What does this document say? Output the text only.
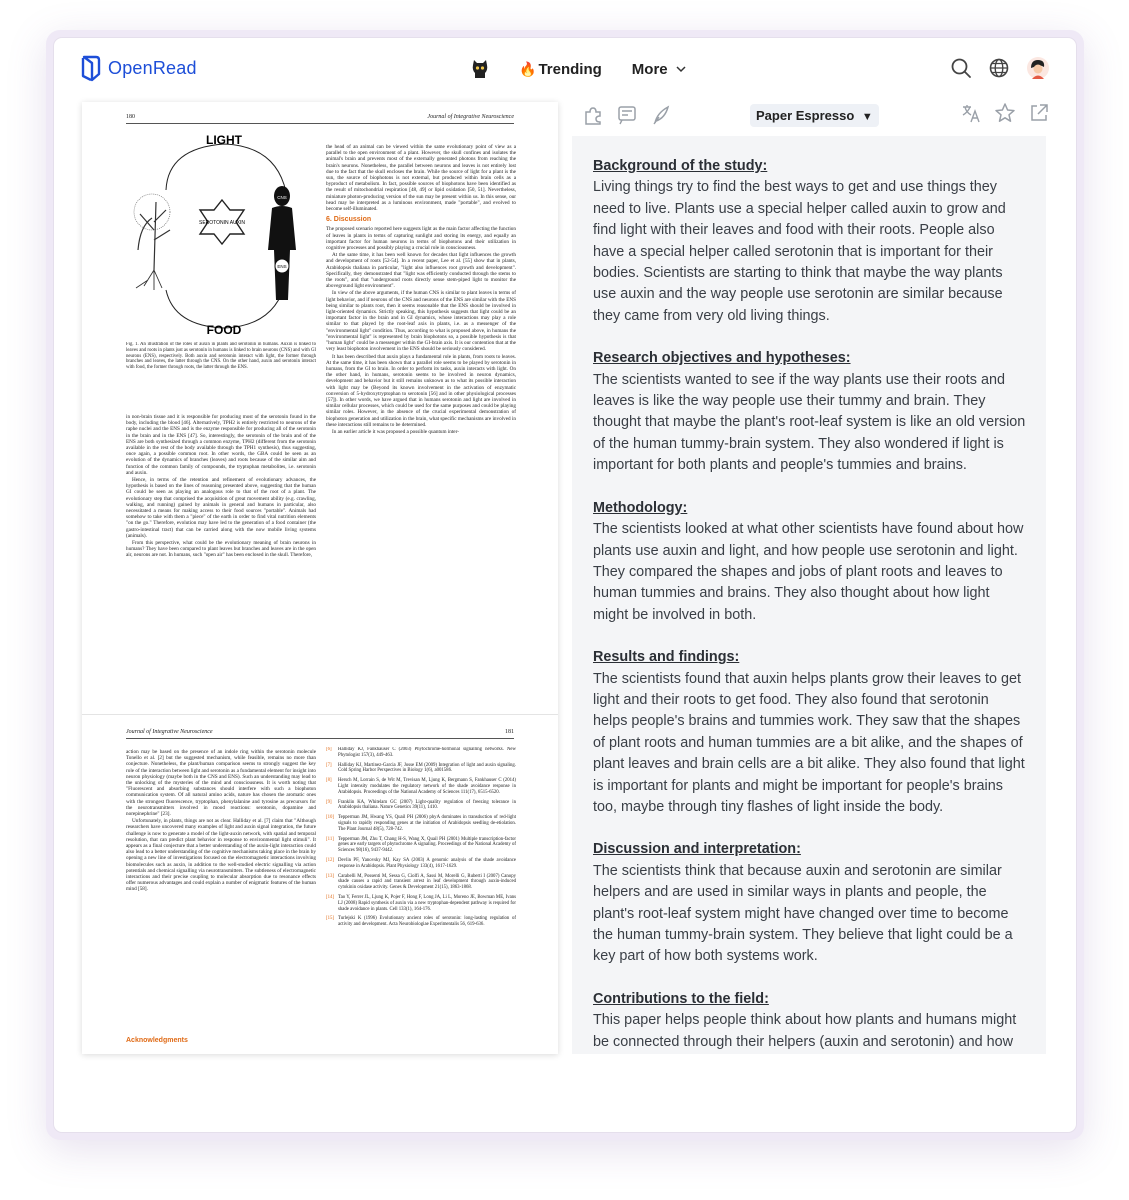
OpenRead	🔥 Trending More
180	Journal of Integrative Neuroscience
LIGHT
FOOD
SEROTONIN AUXIN
CNS
ENS
Fig. 1. An illustration of the roles of auxin in plants and serotonin in humans. Auxin is linked to leaves and roots in plants just as serotonin in humans is linked to brain neurons (CNS) and with GI neurons (ENS), respectively. Both auxin and serotonin interact with light, the former through branches and leaves, the latter through the CNS. On the other hand, auxin and serotonin interact with food, the former through roots, the latter through the ENS.

in non-brain tissue and it is responsible for producing most of the serotonin found in the body, including the blood [46]. Alternatively, TPH2 is entirely restricted to neurons of the raphe nuclei and the ENS and is the enzyme responsible for producing all of the serotonin in the brain and in the ENS [47]. So, interestingly, the serotonin of the brain and of the ENS are both synthesized through a common enzyme, TPH2 (different from the serotonin available in the rest of the body available through the TPH1 synthesis), thus suggesting, once again, a possible common root. In other words, the GBA could be seen as an evolution of the dynamics of branches (leaves) and roots because of the similar aim and function of the common family of compounds, the tryptophan metabolites, i.e. serotonin and auxin.

Hence, in terms of the retention and refinement of evolutionary advances, the hypothesis is based on the lines of reasoning presented above, suggesting that the human GI could be seen as playing an analogous role to that of the root of a plant. The evolutionary step that comprised the acquisition of great movement ability (e.g. crawling, walking, and running) gained by animals in general and humans in particular, also necessitated a means for making access to their food sources "portable". Animals had somehow to take with them a "piece" of the earth in order to find vital nutrition elements "on the go." Therefore, evolution may have led to the generation of a food container (the gastro-intestinal tract) that can be carried along with the now mobile living systems (animals).

From this perspective, what could be the evolutionary meaning of brain neurons in humans? They have been compared to plant leaves but branches and leaves are in the open air, neurons are not. In humans, such "open air" has been enclosed in the skull. Therefore,

the head of an animal can be viewed within the same evolutionary point of view as a parallel to the open environment of a plant. However, the skull confines and isolates the animal's brain and prevents most of the externally generated photons from reaching the brain's neurons. Nonetheless, the parallel between neurons and leaves is not entirely lost due to the fact that the skull encloses the brain. While the source of light for a plant is the sun, the source of biophotons is not external, but produced within brain cells as a byproduct of metabolism. In fact, possible sources of biophotons have been identified as the result of mitochondrial respiration [48, 49] or lipid oxidation [50, 51]. Nevertheless, miniature photon-producing version of the sun may be present within us. In this sense, our head may be interpreted as a luminous environment, made "portable", and evolved to become self-illuminated.

6. Discussion

The proposed scenario reported here suggests light as the main factor affecting the function of leaves in plants in terms of capturing sunlight and storing its energy, and equally an important factor for human neurons in terms of biophotons and their utilization in cognitive processes and possibly playing a crucial role in consciousness.

At the same time, it has been well known for decades that light influences the growth and development of roots [52-54]. In a recent paper, Lee et al. [55] show that in plants, Arabidopsis thaliana in particular, "light also influences root growth and development". Specifically, they demonstrated that "light was efficiently conducted through the stems to the roots", and that "underground roots directly sense stem-piped light to monitor the aboveground light environment".

In view of the above arguments, if the human CNS is similar to plant leaves in terms of light behavior, and if neurons of the CNS and neurons of the ENS are similar with the ENS being similar to plants root, then it seems reasonable that the ENS should be involved in light-oriented dynamics. Strictly speaking, this hypothesis suggests that light could be an important factor in the brain and in GI dynamics, whose interactions may play a role similar to that played by the root-leaf axis in plants, i.e. as a messenger of the "environmental light" condition. Thus, according to what is proposed above, in humans the "environmental light" is represented by brain biophotons so, a possible hypothesis is that "human light" could be a messenger within the GI-brain axis. It is our contention that at the very least biophoton involvement in the ENS should be seriously considered.

It has been described that auxin plays a fundamental role in plants, from roots to leaves. At the same time, it has been shown that a parallel role seems to be played by serotonin in humans, from the GI to brain. In order to perform its tasks, auxin interacts with light. On the other hand, in humans, serotonin seems to be involved in neuron dynamics, development and behavior but it still remains unknown as to what its possible interaction with light may be (Beyond its known involvement in the activation of enzymatic conversion of 5-hydroxytryptophan to serotonin [56] and in other physiological processes [57]). In other words, we have argued that in humans serotonin and light are involved in similar cellular processes, which could be used for the same purposes and could be playing similar roles. However, in the absence of the crucial experimental demonstration of biophoton generation and utilization in the brain, what specific mechanisms are involved in these interactions still remains to be determined.

In an earlier article it was proposed a possible quantum inter-

Journal of Integrative Neuroscience	181

action may be based on the presence of an indole ring within the serotonin molecule Tonello et al. [2] but the suggested mechanism, while feasible, remains no more than conjecture. Nonetheless, the plant/human comparison seems to strongly suggest the key role of the interaction between light and serotonin as a fundamental element for insight into neuron physiology (maybe both in the CNS and ENS). Such an understanding may lead to the unlocking of the mysteries of the mind and consciousness. It is worth noting that "Fluorescent and absorbing substances should interfere with such a biophoton communication system. Of all natural amino acids, nature has chosen the aromatic ones with the strongest fluorescence, tryptophan, phenylalanine and tyrosine as precursors for the neurotransmitters involved in mood reactions: serotonin, dopamine and norepinephrine" [23].

Unfortunately, in plants, things are not as clear. Halliday et al. [7] claim that "Although researchers have uncovered many examples of light and auxin signal integration, the future challenge is now to generate a model of the light-auxin network, with spatial and temporal resolution, that can predict plant behavior in response to environmental light stimuli". It appears as a final conjecture that a better understanding of the auxin-light interaction could also lead to a better understanding of the cognitive mechanisms taking place in the brain by opening a new line of investigations focused on the electromagnetic interactions involving biomolecules such as auxin, in addition to the well-studied electric signalling via action potentials and chemical signalling via neurotransmitters. The subtleness of electromagnetic interactions and their precise coupling to molecular absorption due to resonance effects offer numerous advantages and could explain a number of enigmatic features of the human mind [58].

Acknowledgments
[6]	Halliday KJ, Fankhauser C (2003) Phytochrome-hormonal signalling networks. New Phytologist 157(3), 449-463.
[7]	Halliday KJ, Martinez-Garcia JF, Josse EM (2009) Integration of light and auxin signaling. Cold Spring Harbor Perspectives in Biology 1(6), a001586.
[8]	Hersch M, Lorrain S, de Wit M, Trevisan M, Ljung K, Bergmann S, Fankhauser C (2014) Light intensity modulates the regulatory network of the shade avoidance response in Arabidopsis. Proceedings of the National Academy of Sciences 111(17), 6515-6520.
[9]	Franklin KA, Whitelam GC (2007) Light-quality regulation of freezing tolerance in Arabidopsis thaliana. Nature Genetics 39(11), 1410.
[10] Tepperman JM, Hwang YS, Quail PH (2006) phyA dominates in transduction of red-light signals to rapidly responding genes at the initiation of Arabidopsis seedling de-etiolation. The Plant Journal 48(5), 728-742.
[11] Tepperman JM, Zhu T, Chang H-S, Wang X, Quail PH (2001) Multiple transcription-factor genes are early targets of phytochrome A signaling. Proceedings of the National Academy of Sciences 98(16), 9437-9442.
[12] Devlin PF, Yanovsky MJ, Kay SA (2003) A genomic analysis of the shade avoidance response in Arabidopsis. Plant Physiology 133(4), 1617-1629.
[13] Carabelli M, Possenti M, Sessa G, Ciolfi A, Sassi M, Morelli G, Ruberti I (2007) Canopy shade causes a rapid and transient arrest in leaf development through auxin-induced cytokinin oxidase activity. Genes & Development 21(15), 1863-1868.
[14] Tao Y, Ferrer JL, Ljung K, Pojer F, Hong F, Long JA, Li L, Moreno JE, Bowman ME, Ivans LJ (2008) Rapid synthesis of auxin via a new tryptophan-dependent pathway is required for shade avoidance in plants. Cell 133(1), 164-176.
[15] Turlejski K (1996) Evolutionary ancient roles of serotonin: long-lasting regulation of activity and development. Acta Neurobiologiae Experimentalis 56, 619-636.
Paper Espresso ▼
Background of the study:

Living things try to find the best ways to get and use things they need to live. Plants use a special helper called auxin to grow and find light with their leaves and food with their roots. People also have a special helper called serotonin that is important for their bodies. Scientists are starting to think that maybe the way plants use auxin and the way people use serotonin are similar because they came from very old living things.

Research objectives and hypotheses:

The scientists wanted to see if the way plants use their roots and leaves is like the way people use their tummy and brain. They thought that maybe the plant's root-leaf system is like an old version of the human tummy-brain system. They also wondered if light is important for both plants and people's tummies and brains.

Methodology:

The scientists looked at what other scientists have found about how plants use auxin and light, and how people use serotonin and light. They compared the shapes and jobs of plant roots and leaves to human tummies and brains. They also thought about how light might be involved in both.

Results and findings:

The scientists found that auxin helps plants grow their leaves to get light and their roots to get food. They also found that serotonin helps people's brains and tummies work. They saw that the shapes of plant roots and human tummies are a bit alike, and the shapes of plant leaves and brain cells are a bit alike. They also found that light is important for plants and might be important for people's brains too, maybe through tiny flashes of light inside the body.

Discussion and interpretation:

The scientists think that because auxin and serotonin are similar helpers and are used in similar ways in plants and people, the plant's root-leaf system might have changed over time to become the human tummy-brain system. They believe that light could be a key part of how both systems work.

Contributions to the field:

This paper helps people think about how plants and humans might be connected through their helpers (auxin and serotonin) and how
